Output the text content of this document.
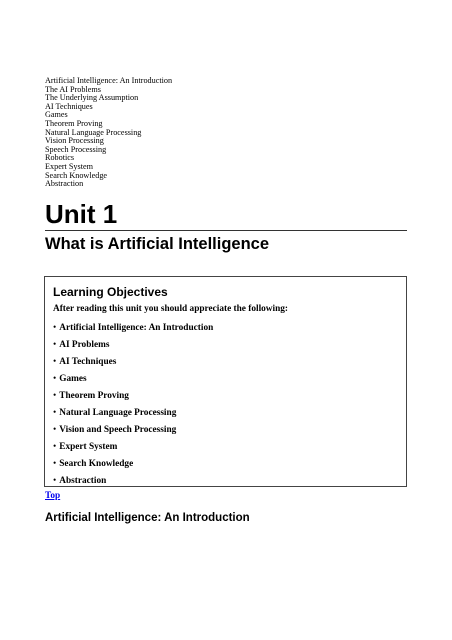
Artificial Intelligence: An Introduction
The AI Problems
The Underlying Assumption
AI Techniques
Games
Theorem Proving
Natural Language Processing
Vision Processing
Speech Processing
Robotics
Expert System
Search Knowledge
Abstraction
Unit 1
What is Artificial Intelligence
Learning Objectives
After reading this unit you should appreciate the following:
• Artificial Intelligence: An Introduction
• AI Problems
• AI Techniques
• Games
• Theorem Proving
• Natural Language Processing
• Vision and Speech Processing
• Expert System
• Search Knowledge
• Abstraction
Top
Artificial Intelligence: An Introduction
